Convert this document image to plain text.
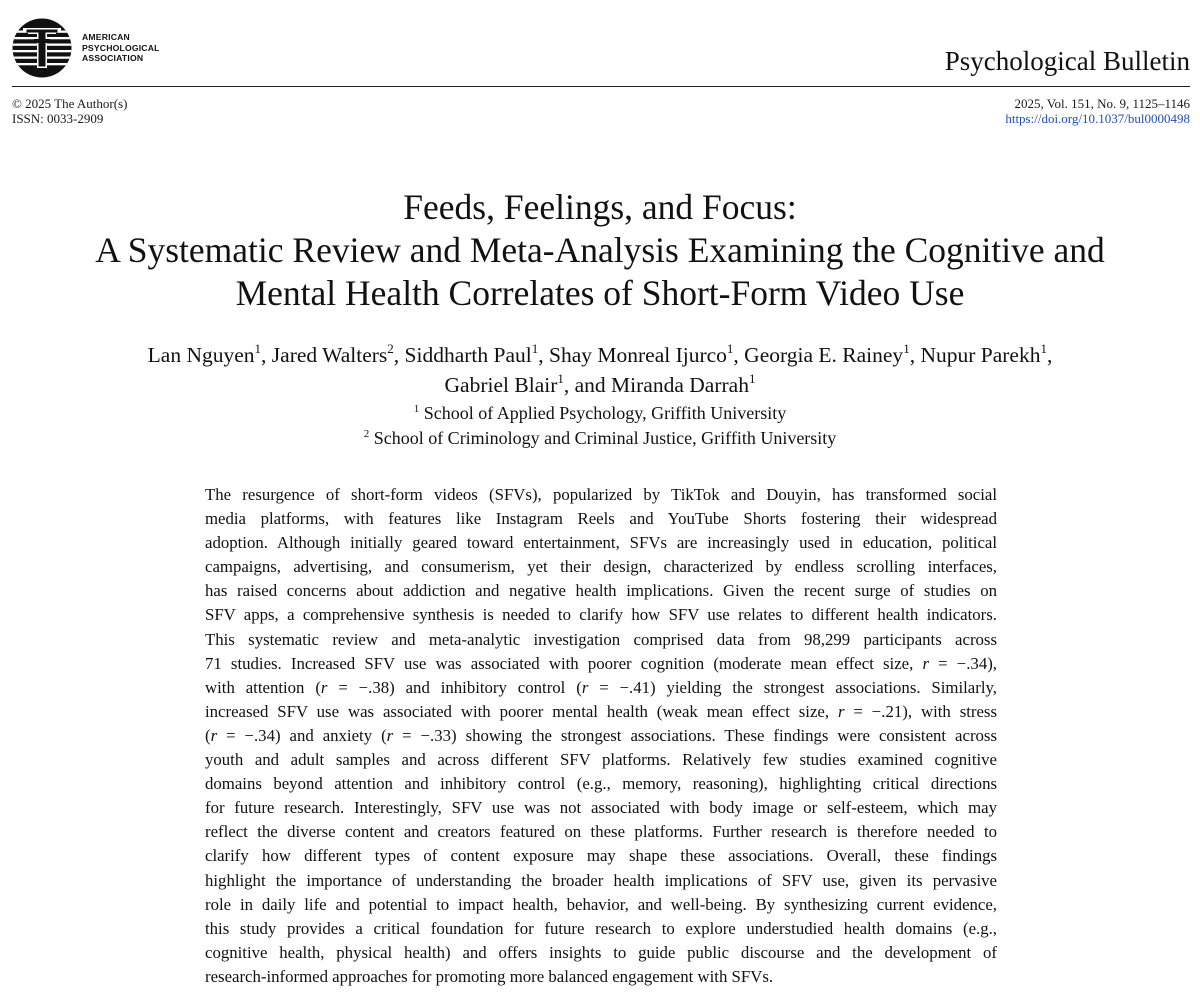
AMERICAN
PSYCHOLOGICAL
ASSOCIATION	Psychological Bulletin
© 2025 The Author(s)
ISSN: 0033-2909
2025, Vol. 151, No. 9, 1125–1146
https://doi.org/10.1037/bul0000498
Feeds, Feelings, and Focus:
A Systematic Review and Meta-Analysis Examining the Cognitive and
Mental Health Correlates of Short-Form Video Use
Lan Nguyen$^1$, Jared Walters$^2$, Siddharth Paul$^1$, Shay Monreal Ijurco$^1$, Georgia E. Rainey$^1$, Nupur Parekh$^1$,
Gabriel Blair$^1$, and Miranda Darrah$^1$
$^1$ School of Applied Psychology, Griffith University
$^2$ School of Criminology and Criminal Justice, Griffith University
The resurgence of short-form videos (SFVs), popularized by TikTok and Douyin, has transformed social
media platforms, with features like Instagram Reels and YouTube Shorts fostering their widespread
adoption. Although initially geared toward entertainment, SFVs are increasingly used in education, political
campaigns, advertising, and consumerism, yet their design, characterized by endless scrolling interfaces,
has raised concerns about addiction and negative health implications. Given the recent surge of studies on
SFV apps, a comprehensive synthesis is needed to clarify how SFV use relates to different health indicators.
This systematic review and meta-analytic investigation comprised data from 98,299 participants across
71 studies. Increased SFV use was associated with poorer cognition (moderate mean effect size, r = −.34),
with attention (r = −.38) and inhibitory control (r = −.41) yielding the strongest associations. Similarly,
increased SFV use was associated with poorer mental health (weak mean effect size, r = −.21), with stress
(r = −.34) and anxiety (r = −.33) showing the strongest associations. These findings were consistent across
youth and adult samples and across different SFV platforms. Relatively few studies examined cognitive
domains beyond attention and inhibitory control (e.g., memory, reasoning), highlighting critical directions
for future research. Interestingly, SFV use was not associated with body image or self-esteem, which may
reflect the diverse content and creators featured on these platforms. Further research is therefore needed to
clarify how different types of content exposure may shape these associations. Overall, these findings
highlight the importance of understanding the broader health implications of SFV use, given its pervasive
role in daily life and potential to impact health, behavior, and well-being. By synthesizing current evidence,
this study provides a critical foundation for future research to explore understudied health domains (e.g.,
cognitive health, physical health) and offers insights to guide public discourse and the development of
research-informed approaches for promoting more balanced engagement with SFVs.
